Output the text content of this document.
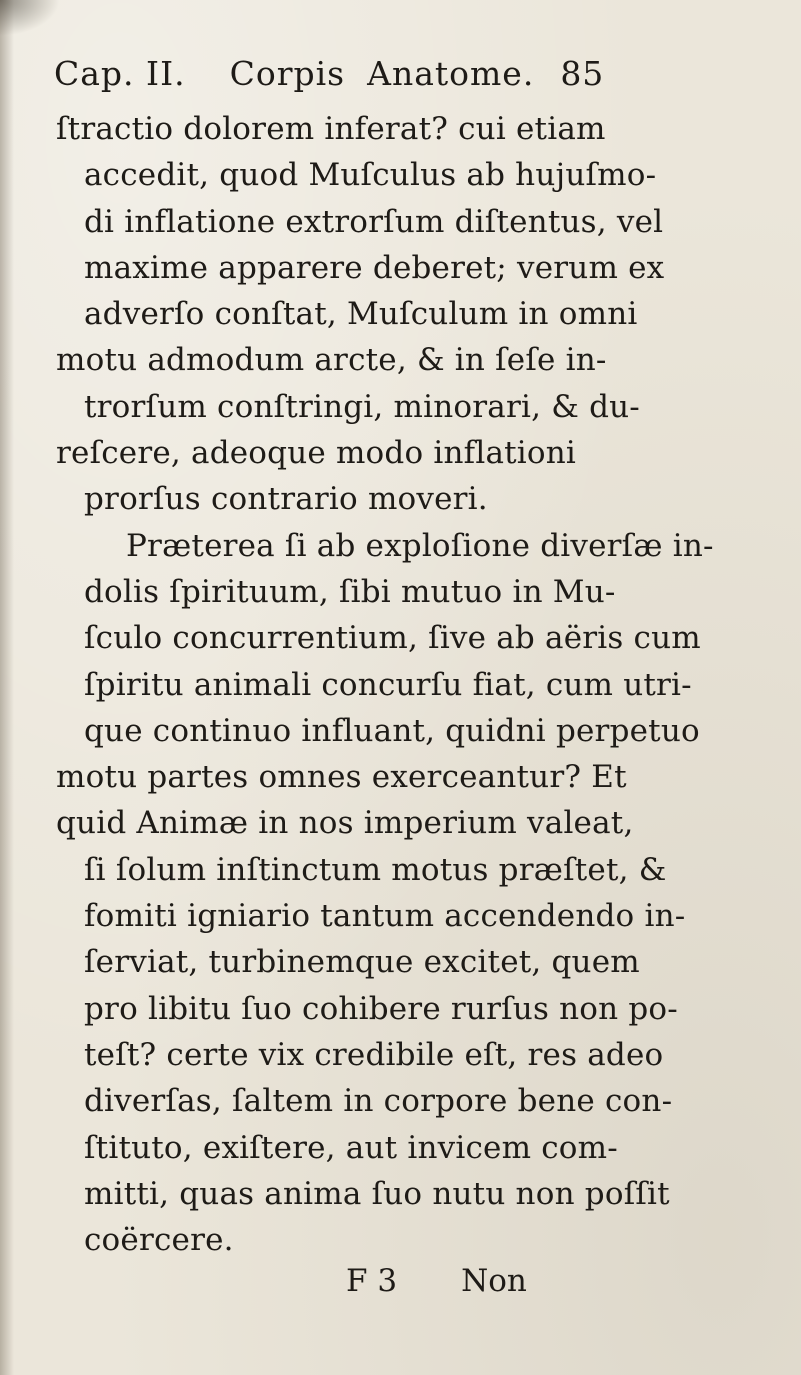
Cap. II. Corpis Anatome. 85
ſtractio dolorem inferat? cui etiam
accedit, quod Muſculus ab hujuſmo-
di inflatione extrorſum diſtentus, vel
maxime apparere deberet; verum ex
adverſo conſtat, Muſculum in omni
motu admodum arcte, & in ſeſe in-
trorſum conſtringi, minorari, & du-
reſcere, adeoque modo inflationi
prorſus contrario moveri.
Præterea ſi ab exploſione diverſæ in-
dolis ſpirituum, ſibi mutuo in Mu-
ſculo concurrentium, ſive ab aëris cum
ſpiritu animali concurſu fiat, cum utri-
que continuo influant, quidni perpetuo
motu partes omnes exerceantur? Et
quid Animæ in nos imperium valeat,
ſi ſolum inſtinctum motus præſtet, &
fomiti igniario tantum accendendo in-
ſerviat, turbinemque excitet, quem
pro libitu ſuo cohibere rurſus non po-
teſt? certe vix credibile eſt, res adeo
diverſas, ſaltem in corpore bene con-
ſtituto, exiſtere, aut invicem com-
mitti, quas anima ſuo nutu non poſſit
coërcere.
F 3 Non
